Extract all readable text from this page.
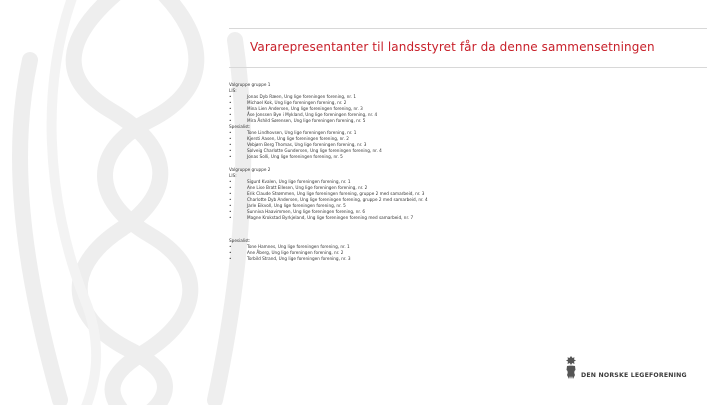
Vararepresentanter til landsstyret får da denne sammensetningen
Valgruppe gruppe 1
LIS:
• Jonas Dyb Ræen, Ung lige foreningen forening, nr. 1
• Michael Kok, Ung lige foreningen forening, nr. 2
• Mina Lien Andersen, Ung lige foreningen forening, nr. 3
• Åse Jonssen Bye i Mykland, Ung lige foreningen forening, nr. 4
• Mira Åshild Sørensen, Ung lige foreningen forening, nr. 5
Spesialist:
• Tone Lindhovsen, Ung lige foreningen forening, nr. 1
• Kjersti Aasen, Ung lige foreningen forening, nr. 2
• Vebjørn Berg Thomas, Ung lige foreningen forening, nr. 3
• Solveig Charlotte Gundersen, Ung lige foreningen forening, nr. 4
• Jonas Solli, Ung lige foreningen forening, nr. 5
Valgruppe gruppe 2
LIS:
• Sigurd Kvalen, Ung lige foreningen forening, nr. 1
• Ane Lise Bratt Ellesen, Ung lige foreningen forening, nr. 2
• Erik Claude Strømmen, Ung lige foreningen forening, gruppe 2 med samarbeid, nr. 3
• Charlotte Dyb Andersen, Ung lige foreningen forening, gruppe 2 med samarbeid, nr. 4
• Jarle Eikvoll, Ung lige foreningen forening, nr. 5
• Sunniva Haavimmen, Ung lige foreningen forening, nr. 6
• Magne Krokstad Byrkjeland, Ung lige foreningen forening med samarbeid, nr. 7
Spesialist:
• Tone Hamnes, Ung lige foreningen forening, nr. 1
• Ane Åberg, Ung lige foreningen forening, nr. 2
• Torbild Strand, Ung lige foreningen forening, nr. 3
DEN NORSKE LEGEFORENING
